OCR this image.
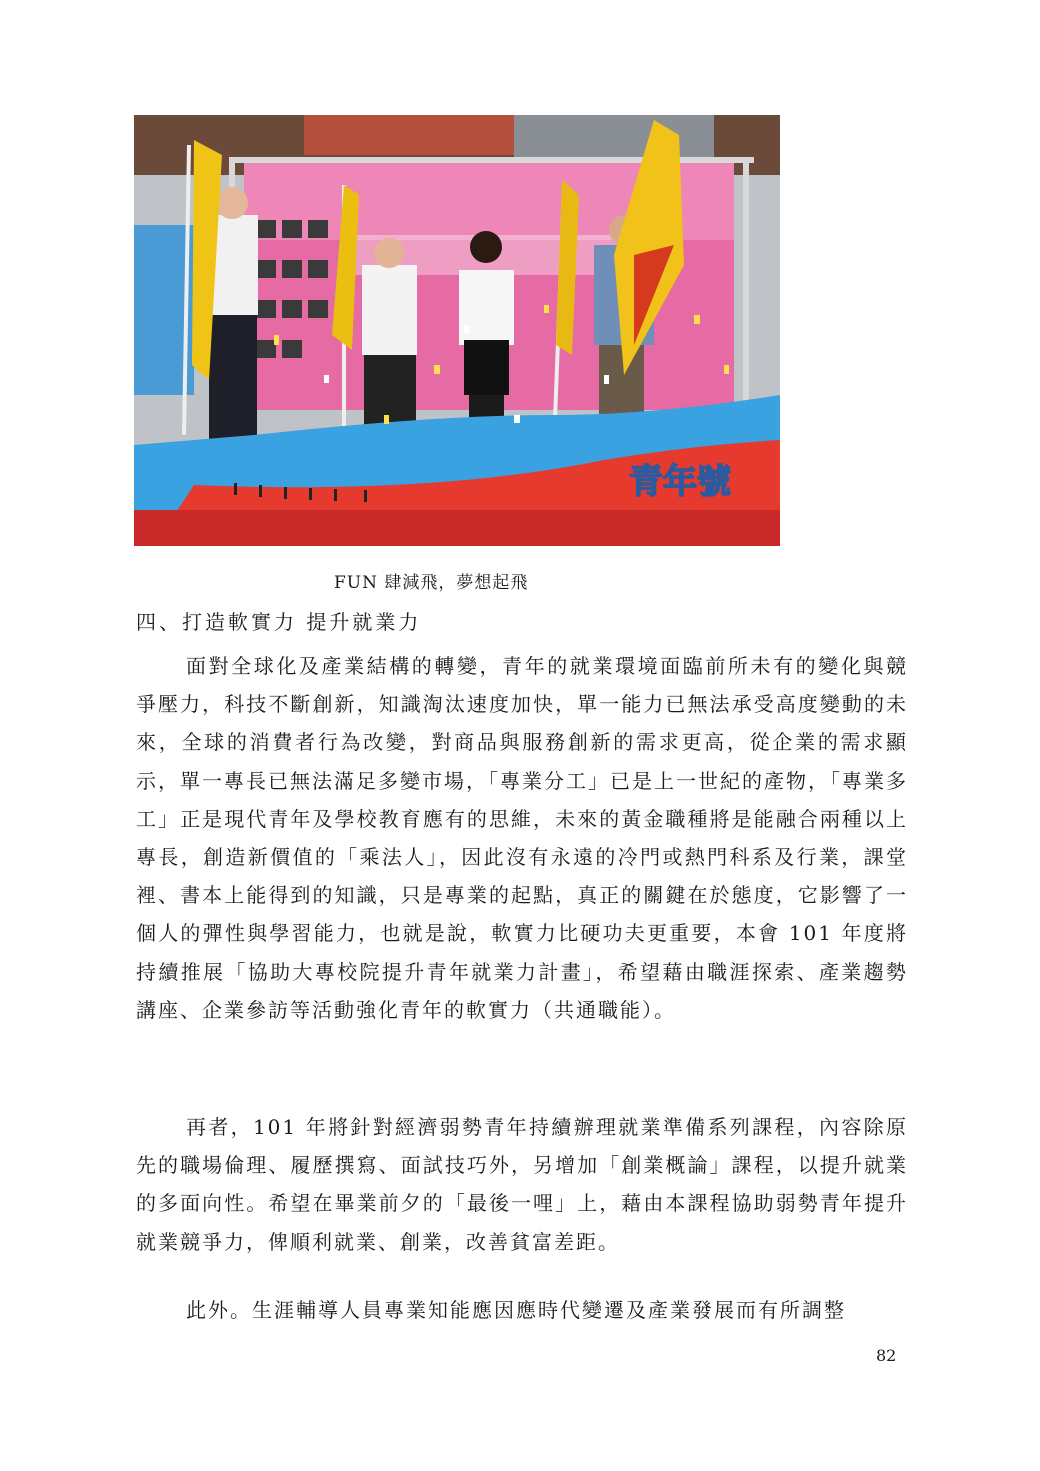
青年號
FUN 肆減飛，夢想起飛
四、打造軟實力 提升就業力

面對全球化及產業結構的轉變，青年的就業環境面臨前所未有的變化與競爭壓力，科技不斷創新，知識淘汰速度加快，單一能力已無法承受高度變動的未來，全球的消費者行為改變，對商品與服務創新的需求更高，從企業的需求顯示，單一專長已無法滿足多變市場，「專業分工」已是上一世紀的產物，「專業多工」正是現代青年及學校教育應有的思維，未來的黃金職種將是能融合兩種以上專長，創造新價值的「乘法人」，因此沒有永遠的冷門或熱門科系及行業，課堂裡、書本上能得到的知識，只是專業的起點，真正的關鍵在於態度，它影響了一個人的彈性與學習能力，也就是說，軟實力比硬功夫更重要，本會 101 年度將持續推展「協助大專校院提升青年就業力計畫」，希望藉由職涯探索、產業趨勢講座、企業參訪等活動強化青年的軟實力（共通職能）。

再者，101 年將針對經濟弱勢青年持續辦理就業準備系列課程，內容除原先的職場倫理、履歷撰寫、面試技巧外，另增加「創業概論」課程，以提升就業的多面向性。希望在畢業前夕的「最後一哩」上，藉由本課程協助弱勢青年提升就業競爭力，俾順利就業、創業，改善貧富差距。

此外。生涯輔導人員專業知能應因應時代變遷及產業發展而有所調整

82
